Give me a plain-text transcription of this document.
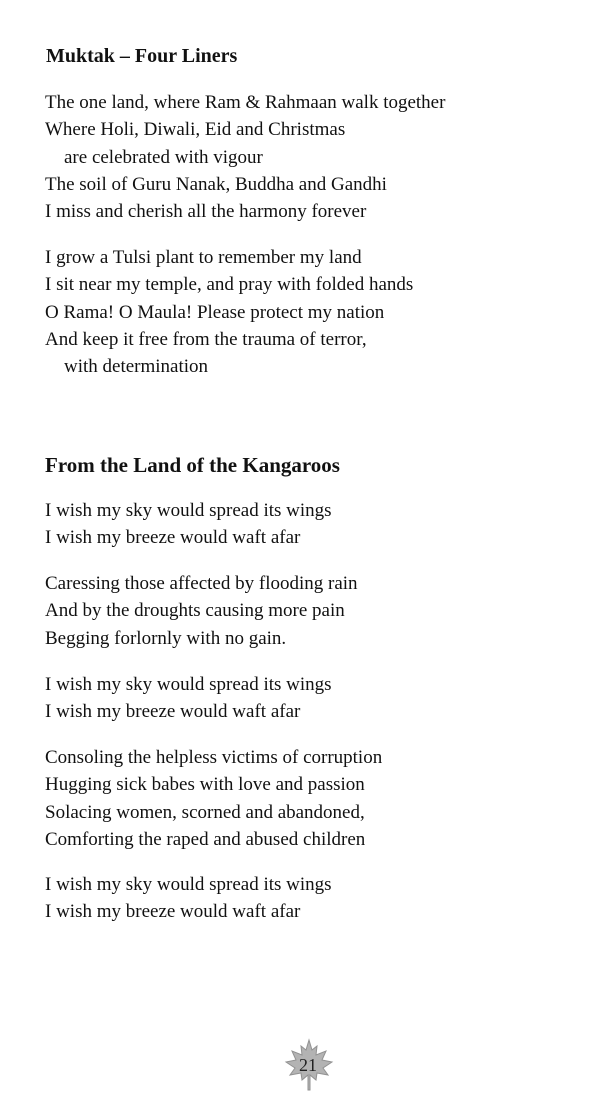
Muktak – Four Liners
The one land, where Ram & Rahmaan walk together
Where Holi, Diwali, Eid and Christmas
are celebrated with vigour
The soil of Guru Nanak, Buddha and Gandhi
I miss and cherish all the harmony forever
I grow a Tulsi plant to remember my land
I sit near my temple, and pray with folded hands
O Rama! O Maula! Please protect my nation
And keep it free from the trauma of terror,
with determination
From the Land of the Kangaroos
I wish my sky would spread its wings
I wish my breeze would waft afar
Caressing those affected by flooding rain
And by the droughts causing more pain
Begging forlornly with no gain.
I wish my sky would spread its wings
I wish my breeze would waft afar
Consoling the helpless victims of corruption
Hugging sick babes with love and passion
Solacing women, scorned and abandoned,
Comforting the raped and abused children
I wish my sky would spread its wings
I wish my breeze would waft afar
21
